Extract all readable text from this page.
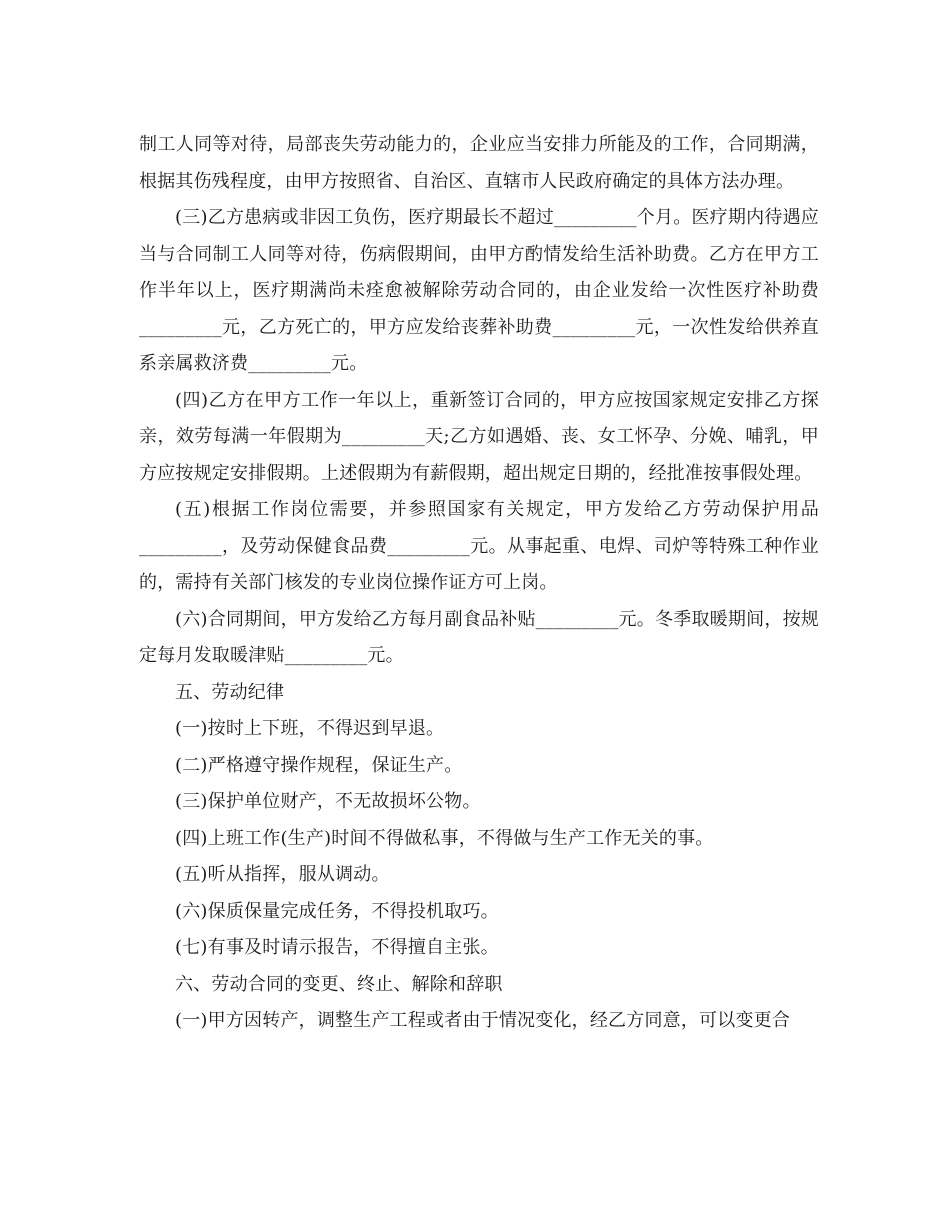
制工人同等对待，局部丧失劳动能力的，企业应当安排力所能及的工作，合同期满，根据其伤残程度，由甲方按照省、自治区、直辖市人民政府确定的具体方法办理。

(三)乙方患病或非因工负伤，医疗期最长不超过_________个月。医疗期内待遇应当与合同制工人同等对待，伤病假期间，由甲方酌情发给生活补助费。乙方在甲方工作半年以上，医疗期满尚未痊愈被解除劳动合同的，由企业发给一次性医疗补助费_________元，乙方死亡的，甲方应发给丧葬补助费_________元，一次性发给供养直系亲属救济费_________元。

(四)乙方在甲方工作一年以上，重新签订合同的，甲方应按国家规定安排乙方探亲，效劳每满一年假期为_________天;乙方如遇婚、丧、女工怀孕、分娩、哺乳，甲方应按规定安排假期。上述假期为有薪假期，超出规定日期的，经批准按事假处理。

(五)根据工作岗位需要，并参照国家有关规定，甲方发给乙方劳动保护用品_________，及劳动保健食品费_________元。从事起重、电焊、司炉等特殊工种作业的，需持有关部门核发的专业岗位操作证方可上岗。

(六)合同期间，甲方发给乙方每月副食品补贴_________元。冬季取暖期间，按规定每月发取暖津贴_________元。

五、劳动纪律

(一)按时上下班，不得迟到早退。

(二)严格遵守操作规程，保证生产。

(三)保护单位财产，不无故损坏公物。

(四)上班工作(生产)时间不得做私事，不得做与生产工作无关的事。

(五)听从指挥，服从调动。

(六)保质保量完成任务，不得投机取巧。

(七)有事及时请示报告，不得擅自主张。

六、劳动合同的变更、终止、解除和辞职

(一)甲方因转产，调整生产工程或者由于情况变化，经乙方同意，可以变更合
